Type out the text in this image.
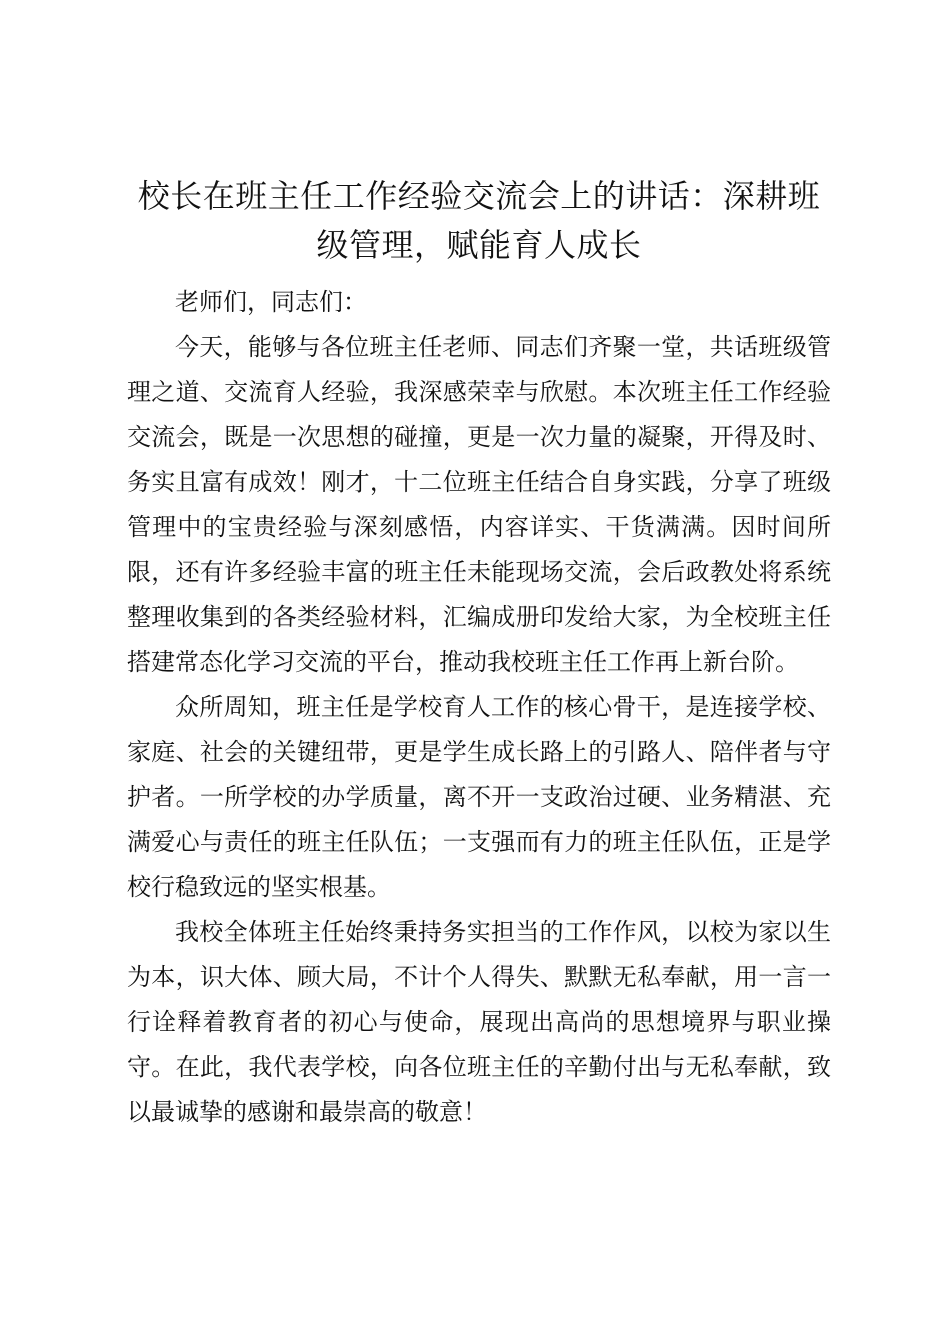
校长在班主任工作经验交流会上的讲话：深耕班级管理，赋能育人成长

老师们，同志们：

今天，能够与各位班主任老师、同志们齐聚一堂，共话班级管理之道、交流育人经验，我深感荣幸与欣慰。本次班主任工作经验交流会，既是一次思想的碰撞，更是一次力量的凝聚，开得及时、务实且富有成效！刚才，十二位班主任结合自身实践，分享了班级管理中的宝贵经验与深刻感悟，内容详实、干货满满。因时间所限，还有许多经验丰富的班主任未能现场交流，会后政教处将系统整理收集到的各类经验材料，汇编成册印发给大家，为全校班主任搭建常态化学习交流的平台，推动我校班主任工作再上新台阶。

众所周知，班主任是学校育人工作的核心骨干，是连接学校、家庭、社会的关键纽带，更是学生成长路上的引路人、陪伴者与守护者。一所学校的办学质量，离不开一支政治过硬、业务精湛、充满爱心与责任的班主任队伍；一支强而有力的班主任队伍，正是学校行稳致远的坚实根基。

我校全体班主任始终秉持务实担当的工作作风，以校为家以生为本，识大体、顾大局，不计个人得失、默默无私奉献，用一言一行诠释着教育者的初心与使命，展现出高尚的思想境界与职业操守。在此，我代表学校，向各位班主任的辛勤付出与无私奉献，致以最诚挚的感谢和最崇高的敬意！
